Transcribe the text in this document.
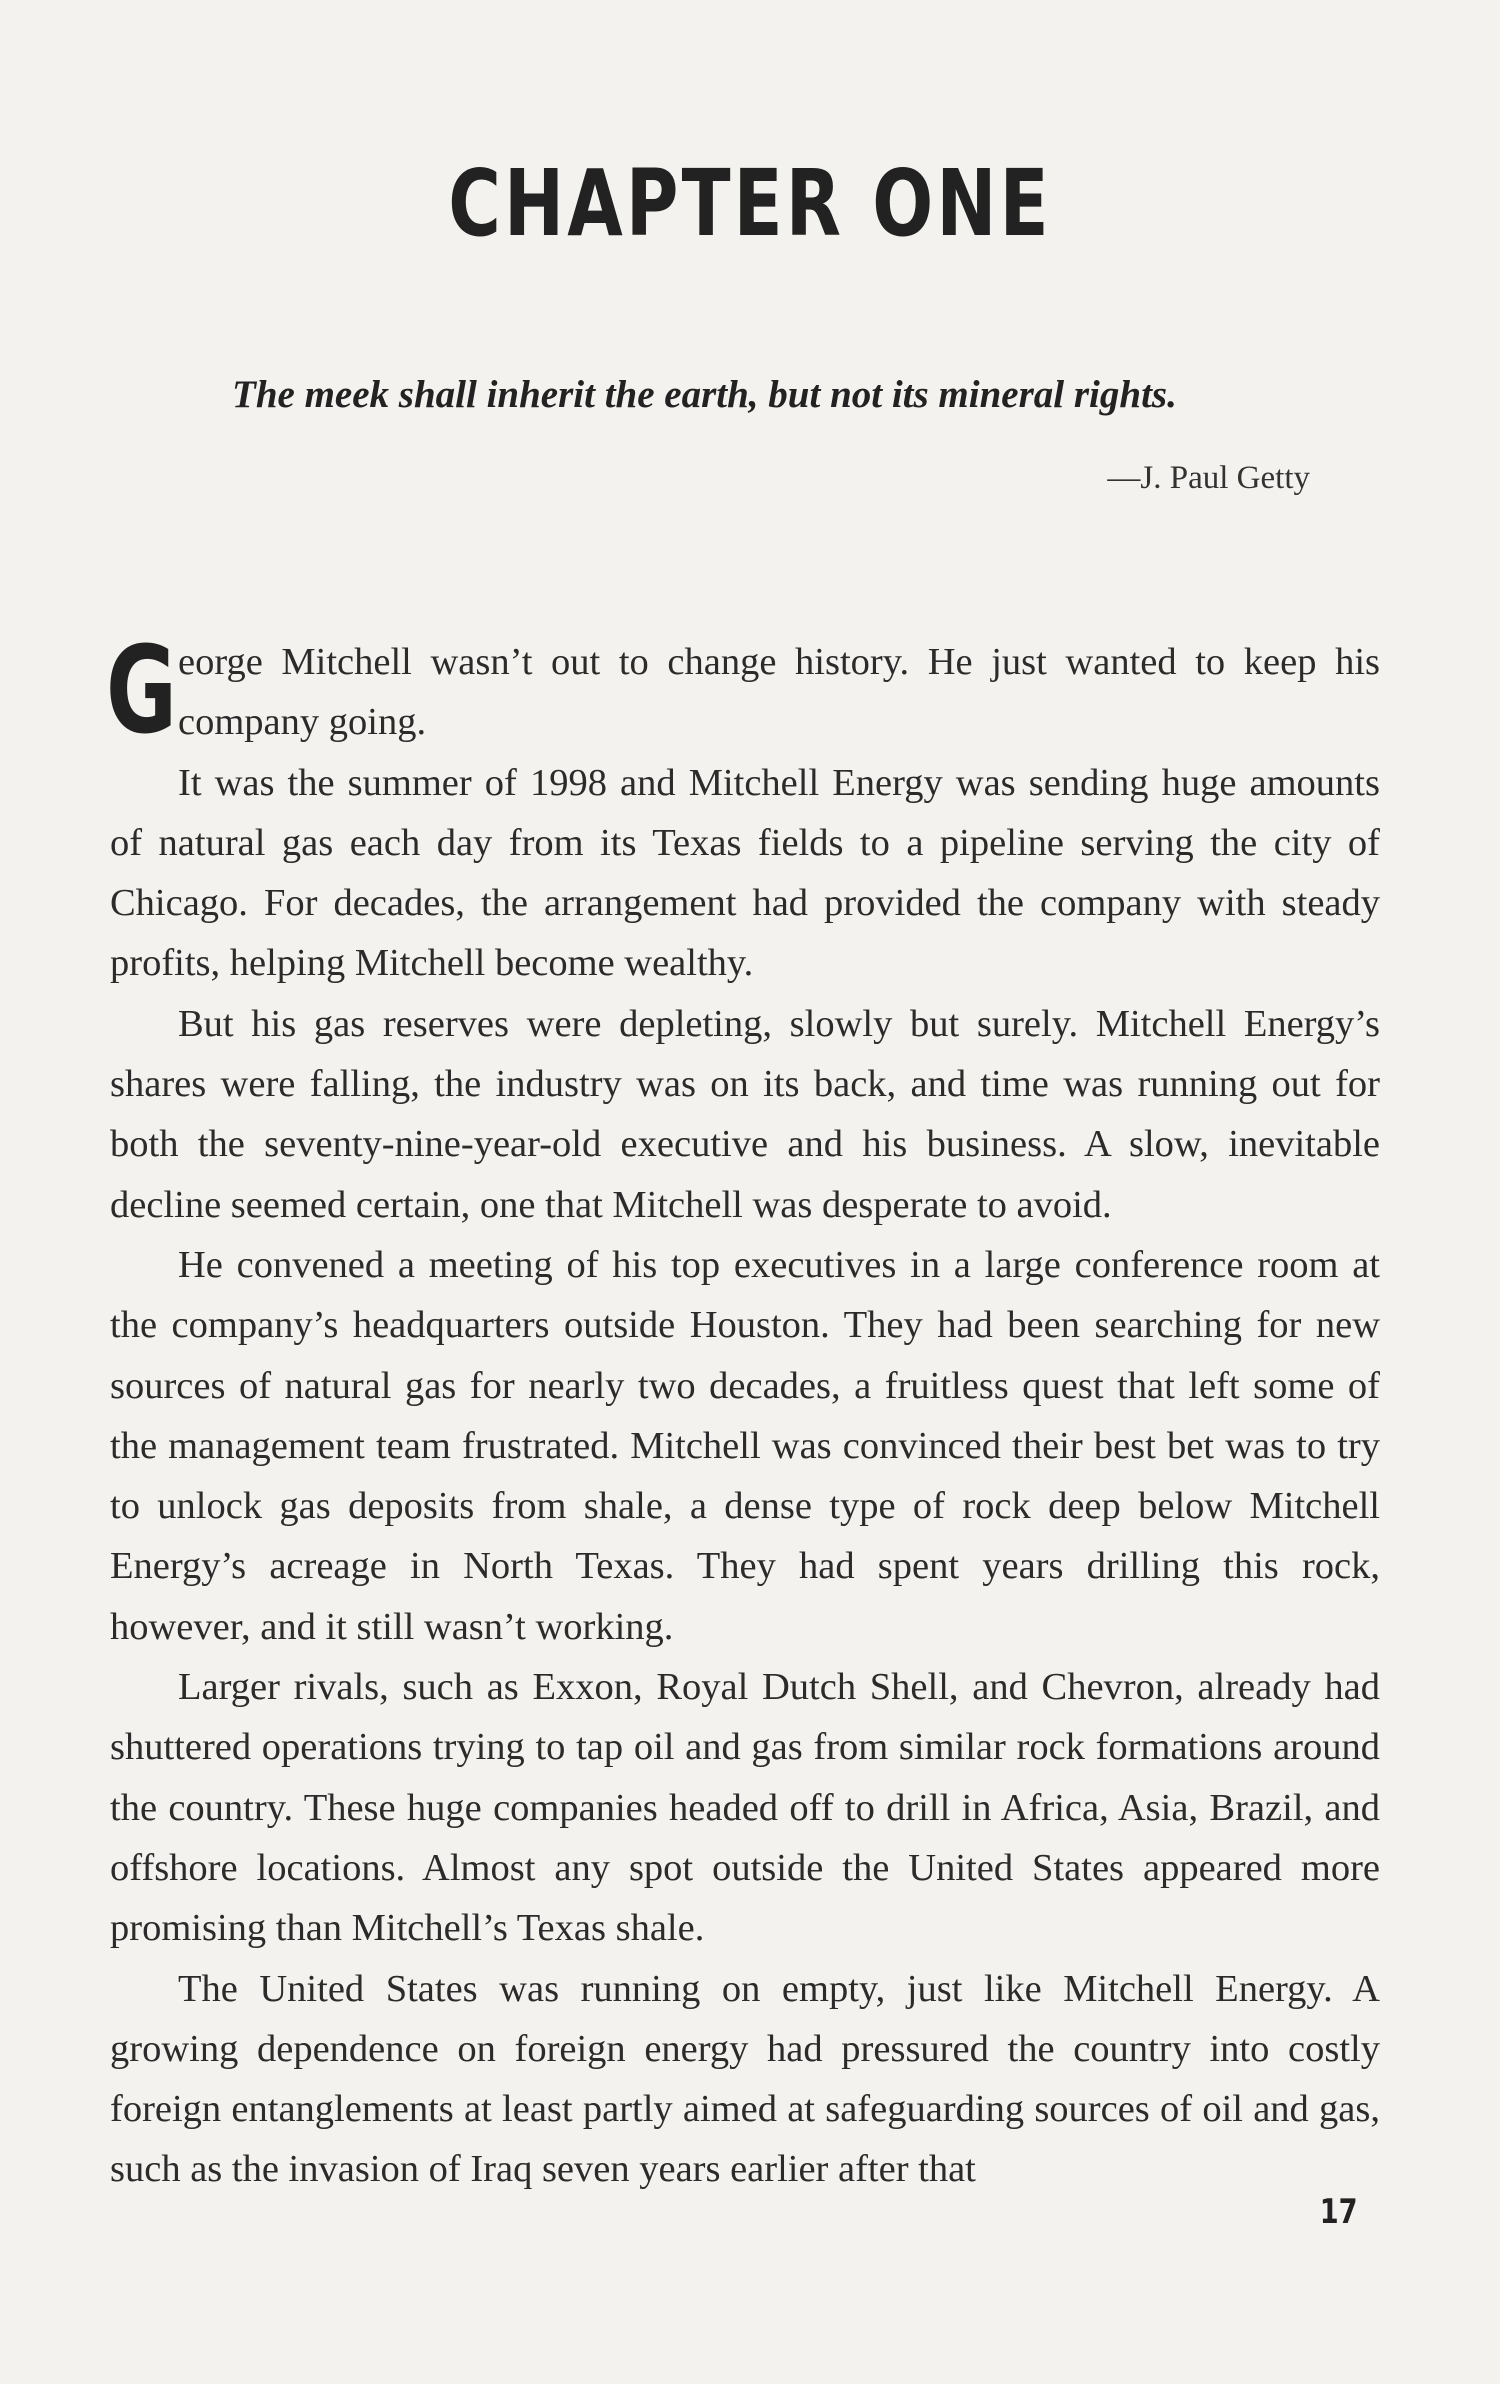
CHAPTER ONE
The meek shall inherit the earth, but not its mineral rights.
—J. Paul Getty

George Mitchell wasn’t out to change history. He just wanted to keep his company going.

It was the summer of 1998 and Mitchell Energy was sending huge amounts of natural gas each day from its Texas fields to a pipeline serving the city of Chicago. For decades, the arrangement had provided the company with steady profits, helping Mitchell become wealthy.

But his gas reserves were depleting, slowly but surely. Mitchell Energy’s shares were falling, the industry was on its back, and time was running out for both the seventy-nine-year-old executive and his business. A slow, inevitable decline seemed certain, one that Mitchell was desperate to avoid.

He convened a meeting of his top executives in a large conference room at the company’s headquarters outside Houston. They had been searching for new sources of natural gas for nearly two decades, a fruitless quest that left some of the management team frustrated. Mitchell was convinced their best bet was to try to unlock gas deposits from shale, a dense type of rock deep below Mitchell Energy’s acreage in North Texas. They had spent years drilling this rock, however, and it still wasn’t working.

Larger rivals, such as Exxon, Royal Dutch Shell, and Chevron, already had shuttered operations trying to tap oil and gas from similar rock formations around the country. These huge companies headed off to drill in Africa, Asia, Brazil, and offshore locations. Almost any spot outside the United States appeared more promising than Mitchell’s Texas shale.

The United States was running on empty, just like Mitchell Energy. A growing dependence on foreign energy had pressured the country into costly foreign entanglements at least partly aimed at safeguarding sources of oil and gas, such as the invasion of Iraq seven years earlier after that

17
